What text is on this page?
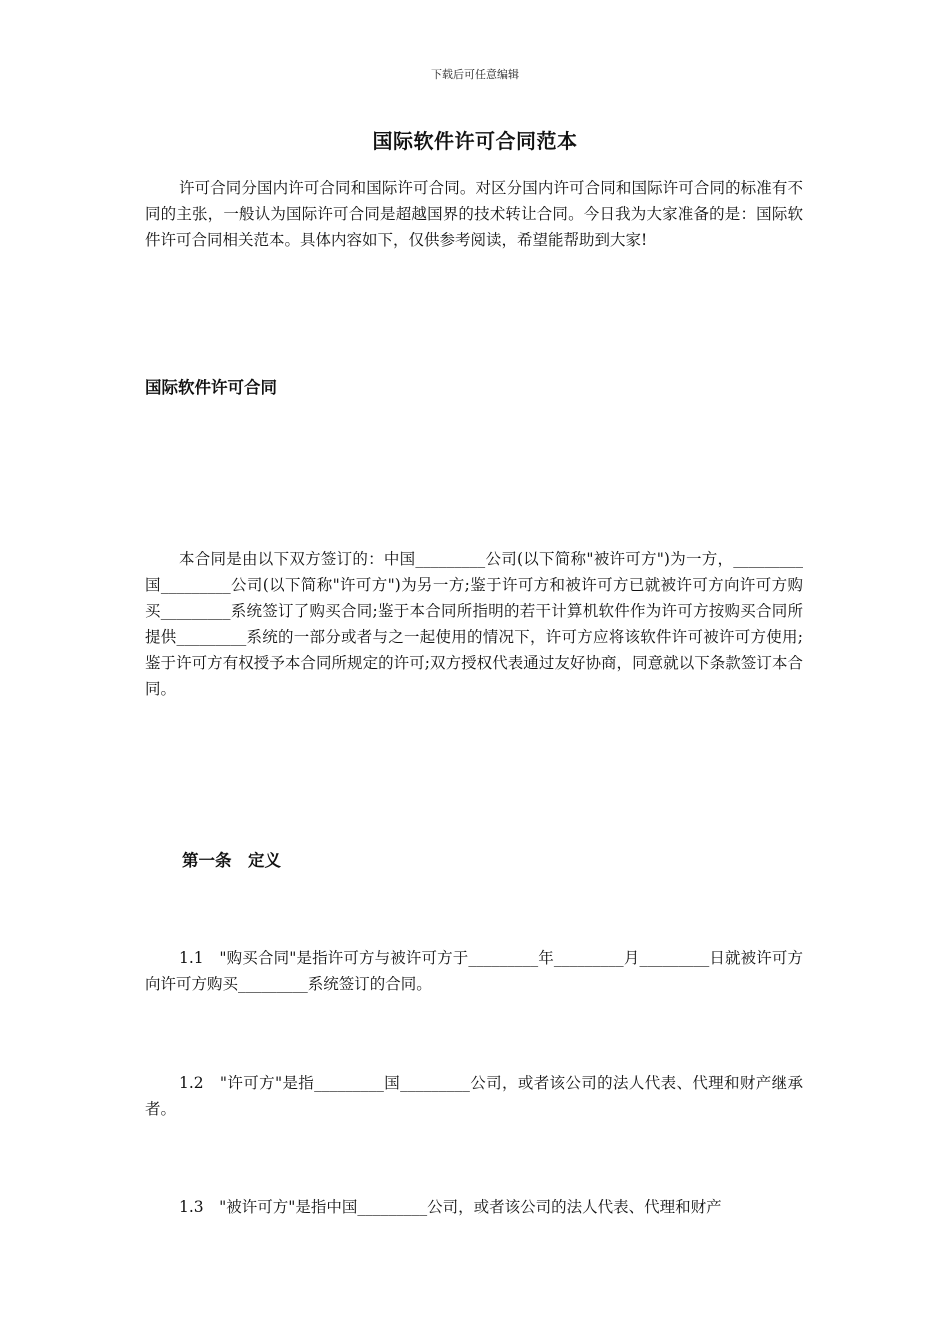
下载后可任意编辑
国际软件许可合同范本

许可合同分国内许可合同和国际许可合同。对区分国内许可合同和国际许可合同的标准有不同的主张，一般认为国际许可合同是超越国界的技术转让合同。今日我为大家准备的是：国际软件许可合同相关范本。具体内容如下，仅供参考阅读，希望能帮助到大家!

国际软件许可合同

本合同是由以下双方签订的：中国_________公司(以下简称"被许可方")为一方，_________国_________公司(以下简称"许可方")为另一方;鉴于许可方和被许可方已就被许可方向许可方购买_________系统签订了购买合同;鉴于本合同所指明的若干计算机软件作为许可方按购买合同所提供_________系统的一部分或者与之一起使用的情况下，许可方应将该软件许可被许可方使用;鉴于许可方有权授予本合同所规定的许可;双方授权代表通过友好协商，同意就以下条款签订本合同。

第一条　定义

1.1　"购买合同"是指许可方与被许可方于_________年_________月_________日就被许可方向许可方购买_________系统签订的合同。

1.2　"许可方"是指_________国_________公司，或者该公司的法人代表、代理和财产继承者。

1.3　"被许可方"是指中国_________公司，或者该公司的法人代表、代理和财产
